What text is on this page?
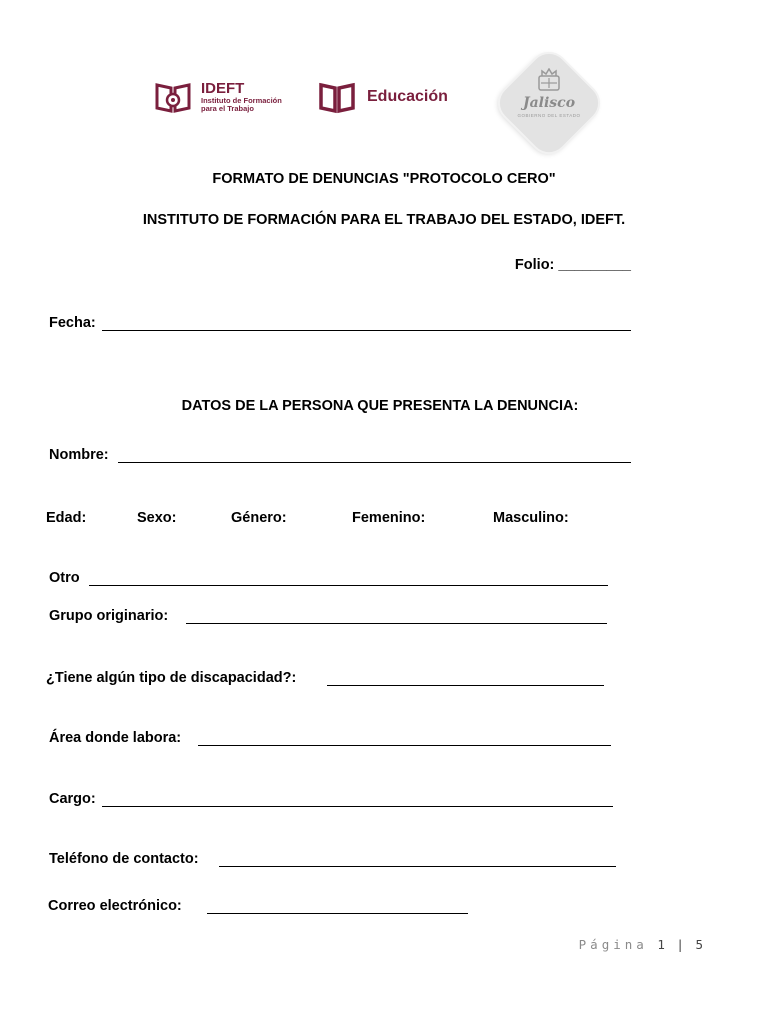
IDEFT
Instituto de Formación para el Trabajo
Educación	Jalisco
GOBIERNO DEL ESTADO
FORMATO DE DENUNCIAS "PROTOCOLO CERO"
INSTITUTO DE FORMACIÓN PARA EL TRABAJO DEL ESTADO, IDEFT.
Folio: _________
Fecha:
DATOS DE LA PERSONA QUE PRESENTA LA DENUNCIA:
Nombre:
Edad:	Sexo:	Género:	Femenino:	Masculino:
Otro
Grupo originario:
¿Tiene algún tipo de discapacidad?:
Área donde labora:
Cargo:
Teléfono de contacto:
Correo electrónico:
Página 1 | 5
